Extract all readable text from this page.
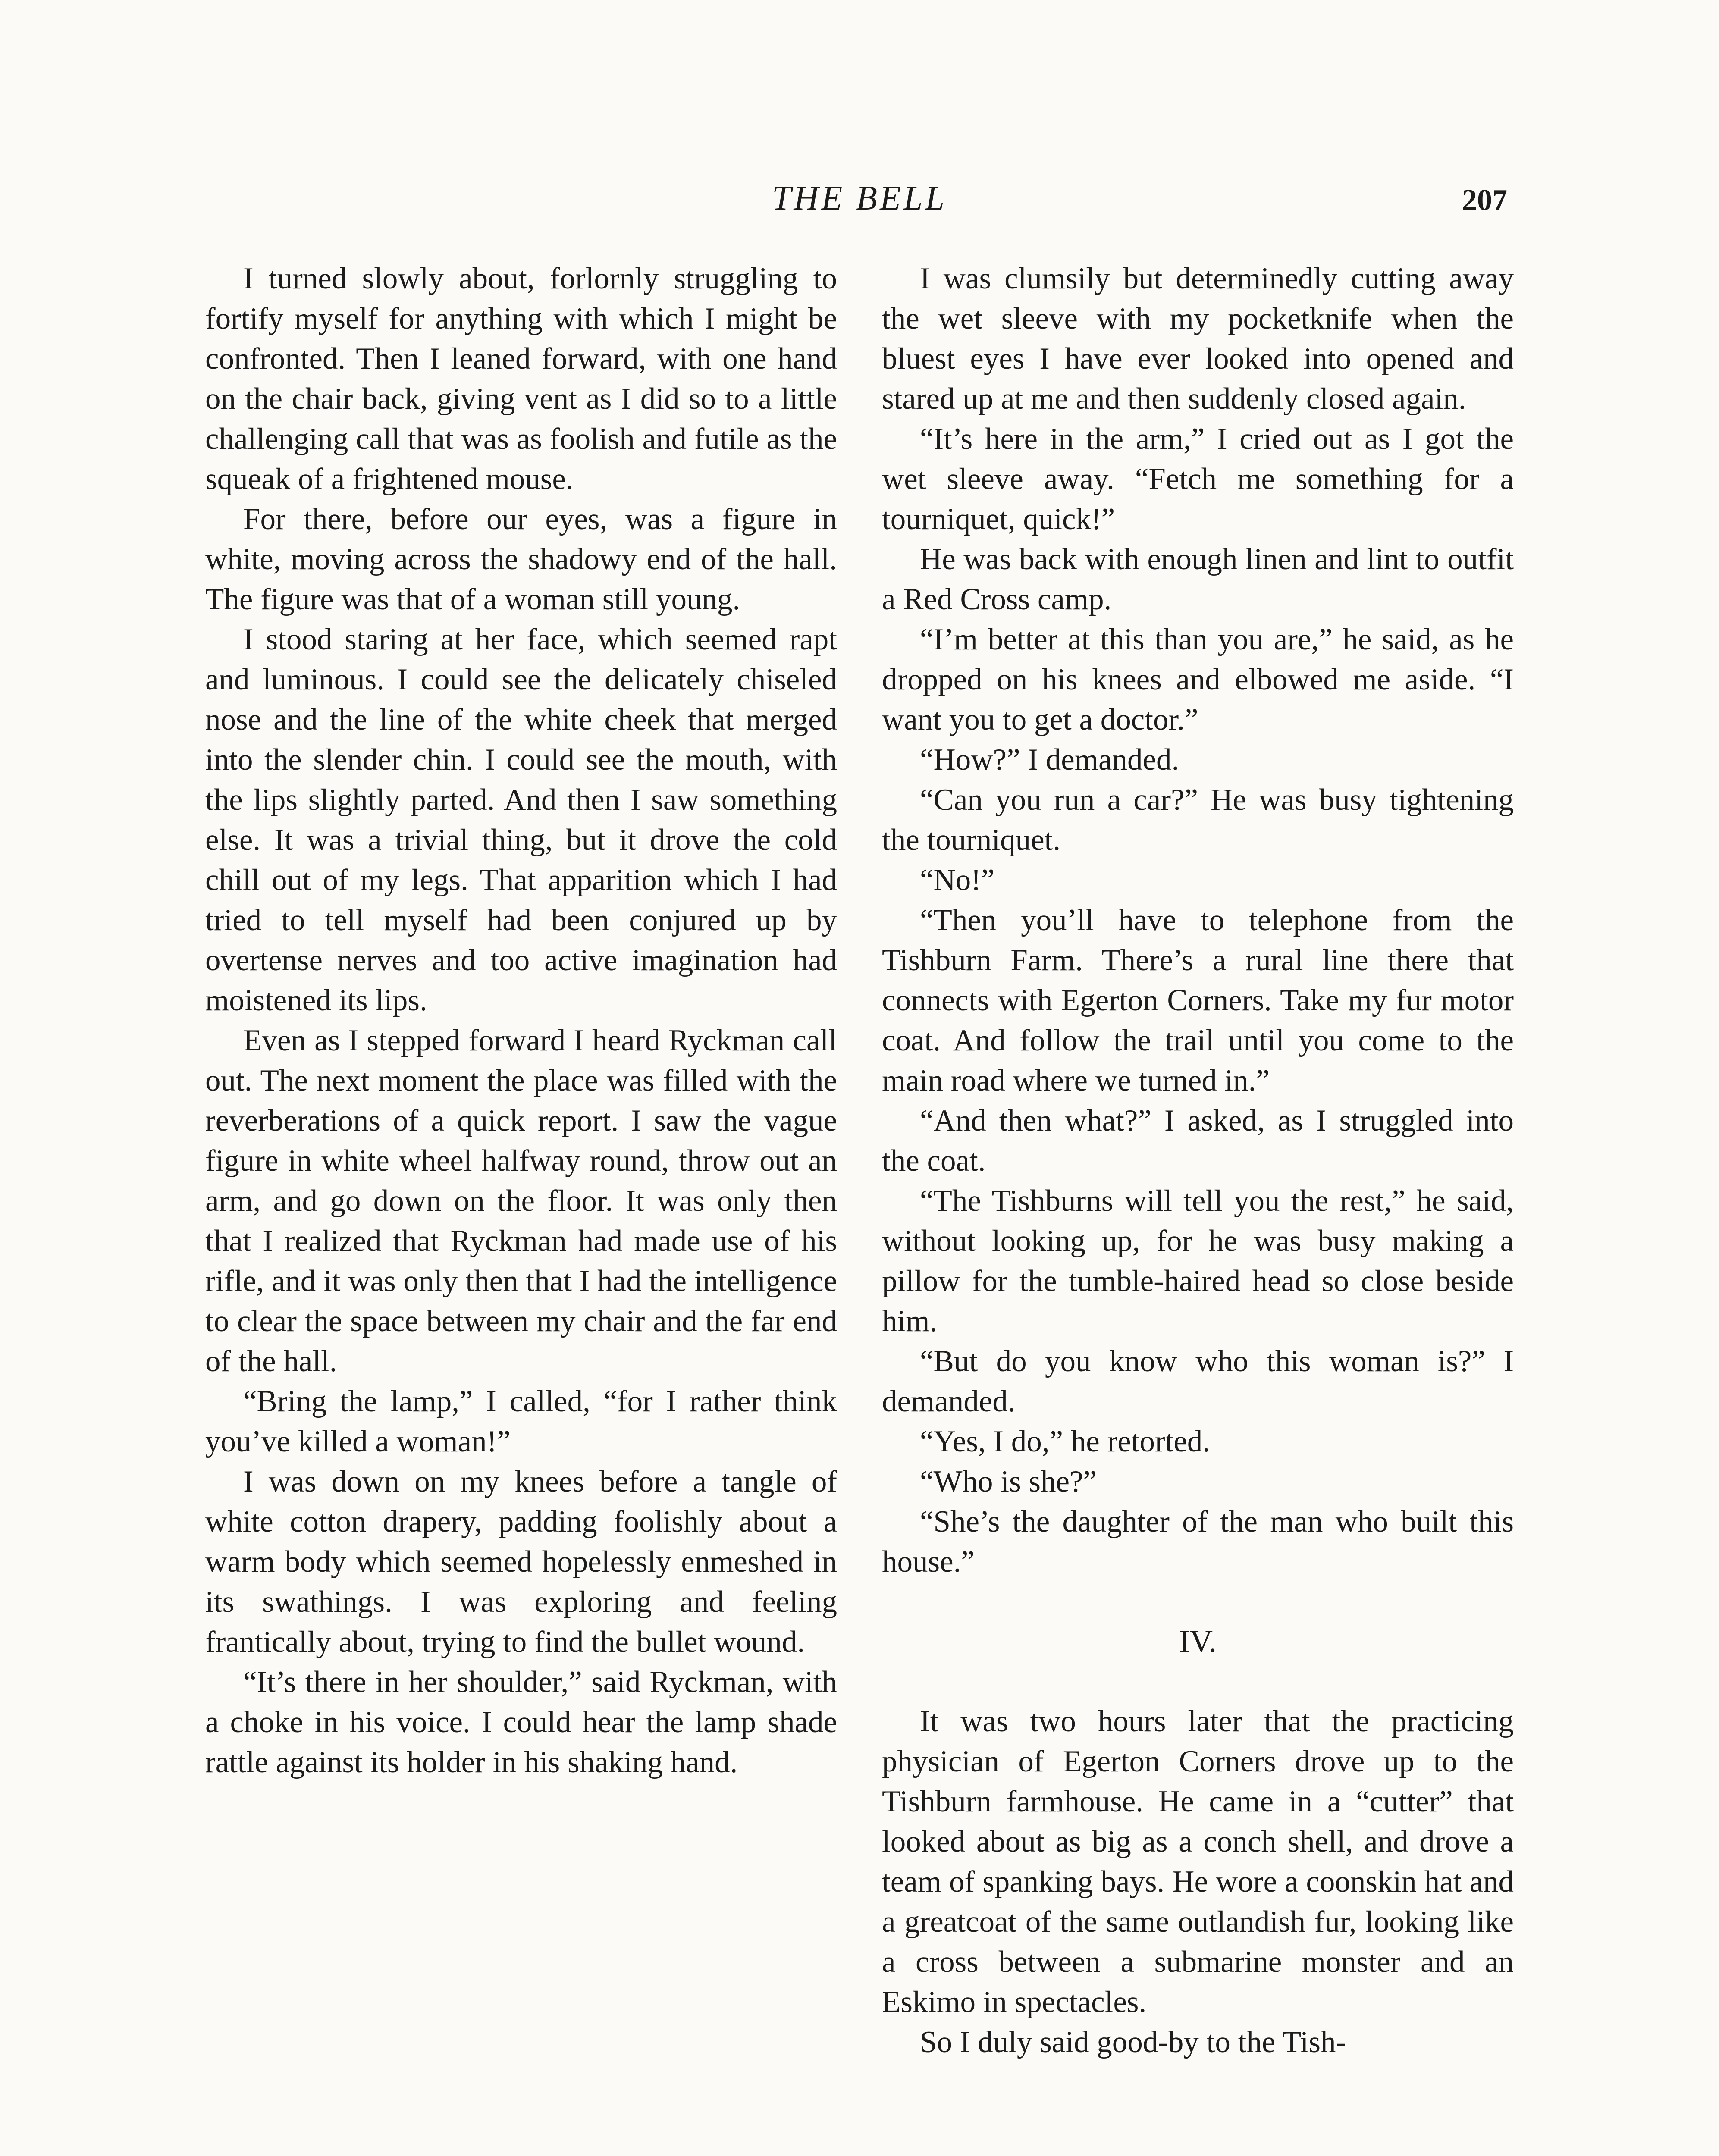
THE BELL	207

I turned slowly about, forlornly struggling to fortify myself for anything with which I might be confronted. Then I leaned forward, with one hand on the chair back, giving vent as I did so to a little challenging call that was as foolish and futile as the squeak of a frightened mouse.

For there, before our eyes, was a figure in white, moving across the shadowy end of the hall. The figure was that of a woman still young.

I stood staring at her face, which seemed rapt and luminous. I could see the delicately chiseled nose and the line of the white cheek that merged into the slender chin. I could see the mouth, with the lips slightly parted. And then I saw something else. It was a trivial thing, but it drove the cold chill out of my legs. That apparition which I had tried to tell myself had been conjured up by overtense nerves and too active imagination had moistened its lips.

Even as I stepped forward I heard Ryckman call out. The next moment the place was filled with the reverberations of a quick report. I saw the vague figure in white wheel halfway round, throw out an arm, and go down on the floor. It was only then that I realized that Ryckman had made use of his rifle, and it was only then that I had the intelligence to clear the space between my chair and the far end of the hall.

“Bring the lamp,” I called, “for I rather think you’ve killed a woman!”

I was down on my knees before a tangle of white cotton drapery, padding foolishly about a warm body which seemed hopelessly enmeshed in its swathings. I was exploring and feeling frantically about, trying to find the bullet wound.

“It’s there in her shoulder,” said Ryckman, with a choke in his voice. I could hear the lamp shade rattle against its holder in his shaking hand.

I was clumsily but determinedly cutting away the wet sleeve with my pocketknife when the bluest eyes I have ever looked into opened and stared up at me and then suddenly closed again.

“It’s here in the arm,” I cried out as I got the wet sleeve away. “Fetch me something for a tourniquet, quick!”

He was back with enough linen and lint to outfit a Red Cross camp.

“I’m better at this than you are,” he said, as he dropped on his knees and elbowed me aside. “I want you to get a doctor.”

“How?” I demanded.

“Can you run a car?” He was busy tightening the tourniquet.

“No!”

“Then you’ll have to telephone from the Tishburn Farm. There’s a rural line there that connects with Egerton Corners. Take my fur motor coat. And follow the trail until you come to the main road where we turned in.”

“And then what?” I asked, as I struggled into the coat.

“The Tishburns will tell you the rest,” he said, without looking up, for he was busy making a pillow for the tumble-haired head so close beside him.

“But do you know who this woman is?” I demanded.

“Yes, I do,” he retorted.

“Who is she?”

“She’s the daughter of the man who built this house.”

IV.

It was two hours later that the practicing physician of Egerton Corners drove up to the Tishburn farmhouse. He came in a “cutter” that looked about as big as a conch shell, and drove a team of spanking bays. He wore a coonskin hat and a greatcoat of the same outlandish fur, looking like a cross between a submarine monster and an Eskimo in spectacles.

So I duly said good-by to the Tish-
